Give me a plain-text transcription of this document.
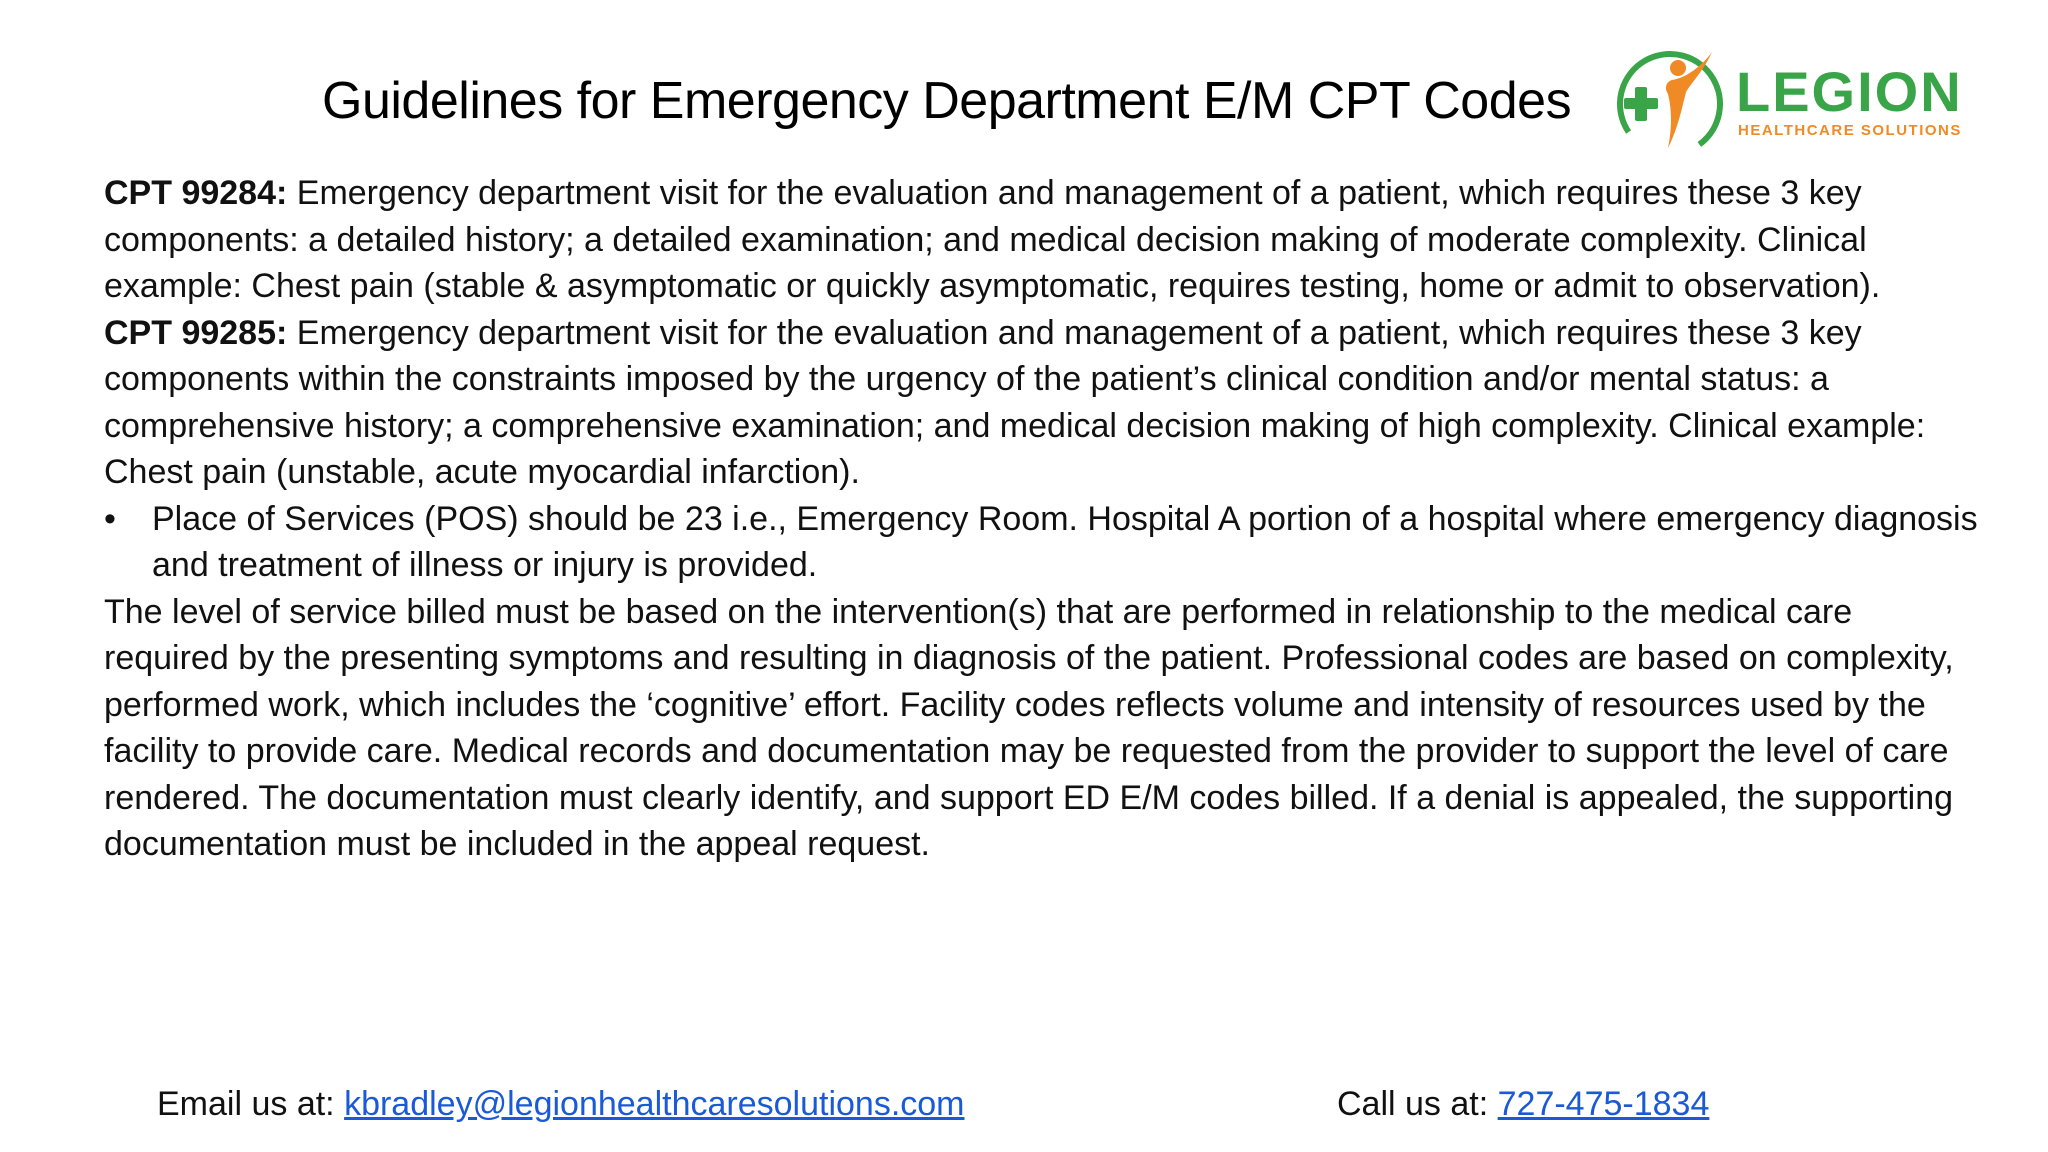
Guidelines for Emergency Department E/M CPT Codes	LEGION
HEALTHCARE SOLUTIONS

CPT 99284: Emergency department visit for the evaluation and management of a patient, which requires these 3 key components: a detailed history; a detailed examination; and medical decision making of moderate complexity. Clinical example: Chest pain (stable & asymptomatic or quickly asymptomatic, requires testing, home or admit to observation).

CPT 99285: Emergency department visit for the evaluation and management of a patient, which requires these 3 key components within the constraints imposed by the urgency of the patient’s clinical condition and/or mental status: a comprehensive history; a comprehensive examination; and medical decision making of high complexity. Clinical example: Chest pain (unstable, acute myocardial infarction).

•	Place of Services (POS) should be 23 i.e., Emergency Room. Hospital A portion of a hospital where emergency diagnosis and treatment of illness or injury is provided.

The level of service billed must be based on the intervention(s) that are performed in relationship to the medical care required by the presenting symptoms and resulting in diagnosis of the patient. Professional codes are based on complexity, performed work, which includes the ‘cognitive’ effort. Facility codes reflects volume and intensity of resources used by the facility to provide care. Medical records and documentation may be requested from the provider to support the level of care rendered. The documentation must clearly identify, and support ED E/M codes billed. If a denial is appealed, the supporting documentation must be included in the appeal request.

Email us at: kbradley@legionhealthcaresolutions.com	Call us at: 727-475-1834
